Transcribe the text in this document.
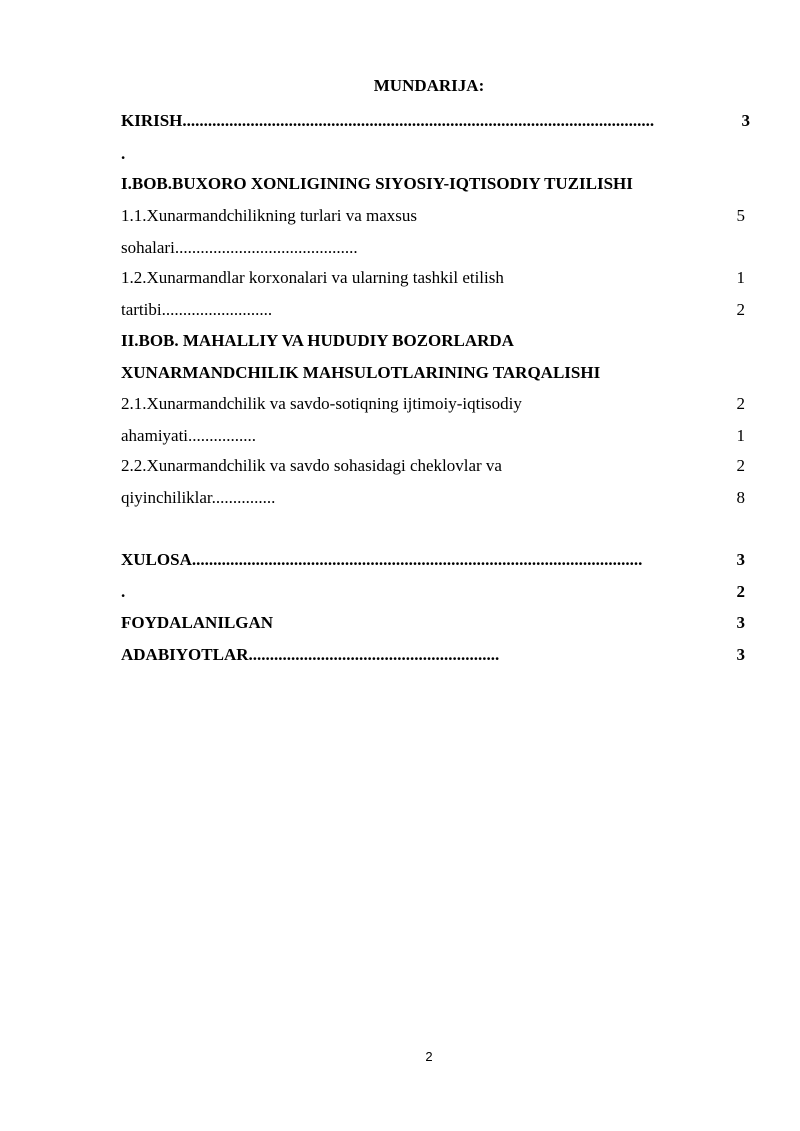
MUNDARIJA:
KIRISH...............................................................................................................	3
.
I.BOB.BUXORO XONLIGINING SIYOSIY-IQTISODIY TUZILISHI
1.1.Xunarmandchilikning turlari va maxsus	5
sohalari...........................................
1.2.Xunarmandlar korxonalari va ularning tashkil etilish	1
tartibi..........................	2
II.BOB. MAHALLIY VA HUDUDIY BOZORLARDA
XUNARMANDCHILIK MAHSULOTLARINING TARQALISHI
2.1.Xunarmandchilik va savdo-sotiqning ijtimoiy-iqtisodiy	2
ahamiyati................	1
2.2.Xunarmandchilik va savdo sohasidagi cheklovlar va	2
qiyinchiliklar...............	8
XULOSA..........................................................................................................	3
.	2
FOYDALANILGAN	3
ADABIYOTLAR...........................................................	3
2
